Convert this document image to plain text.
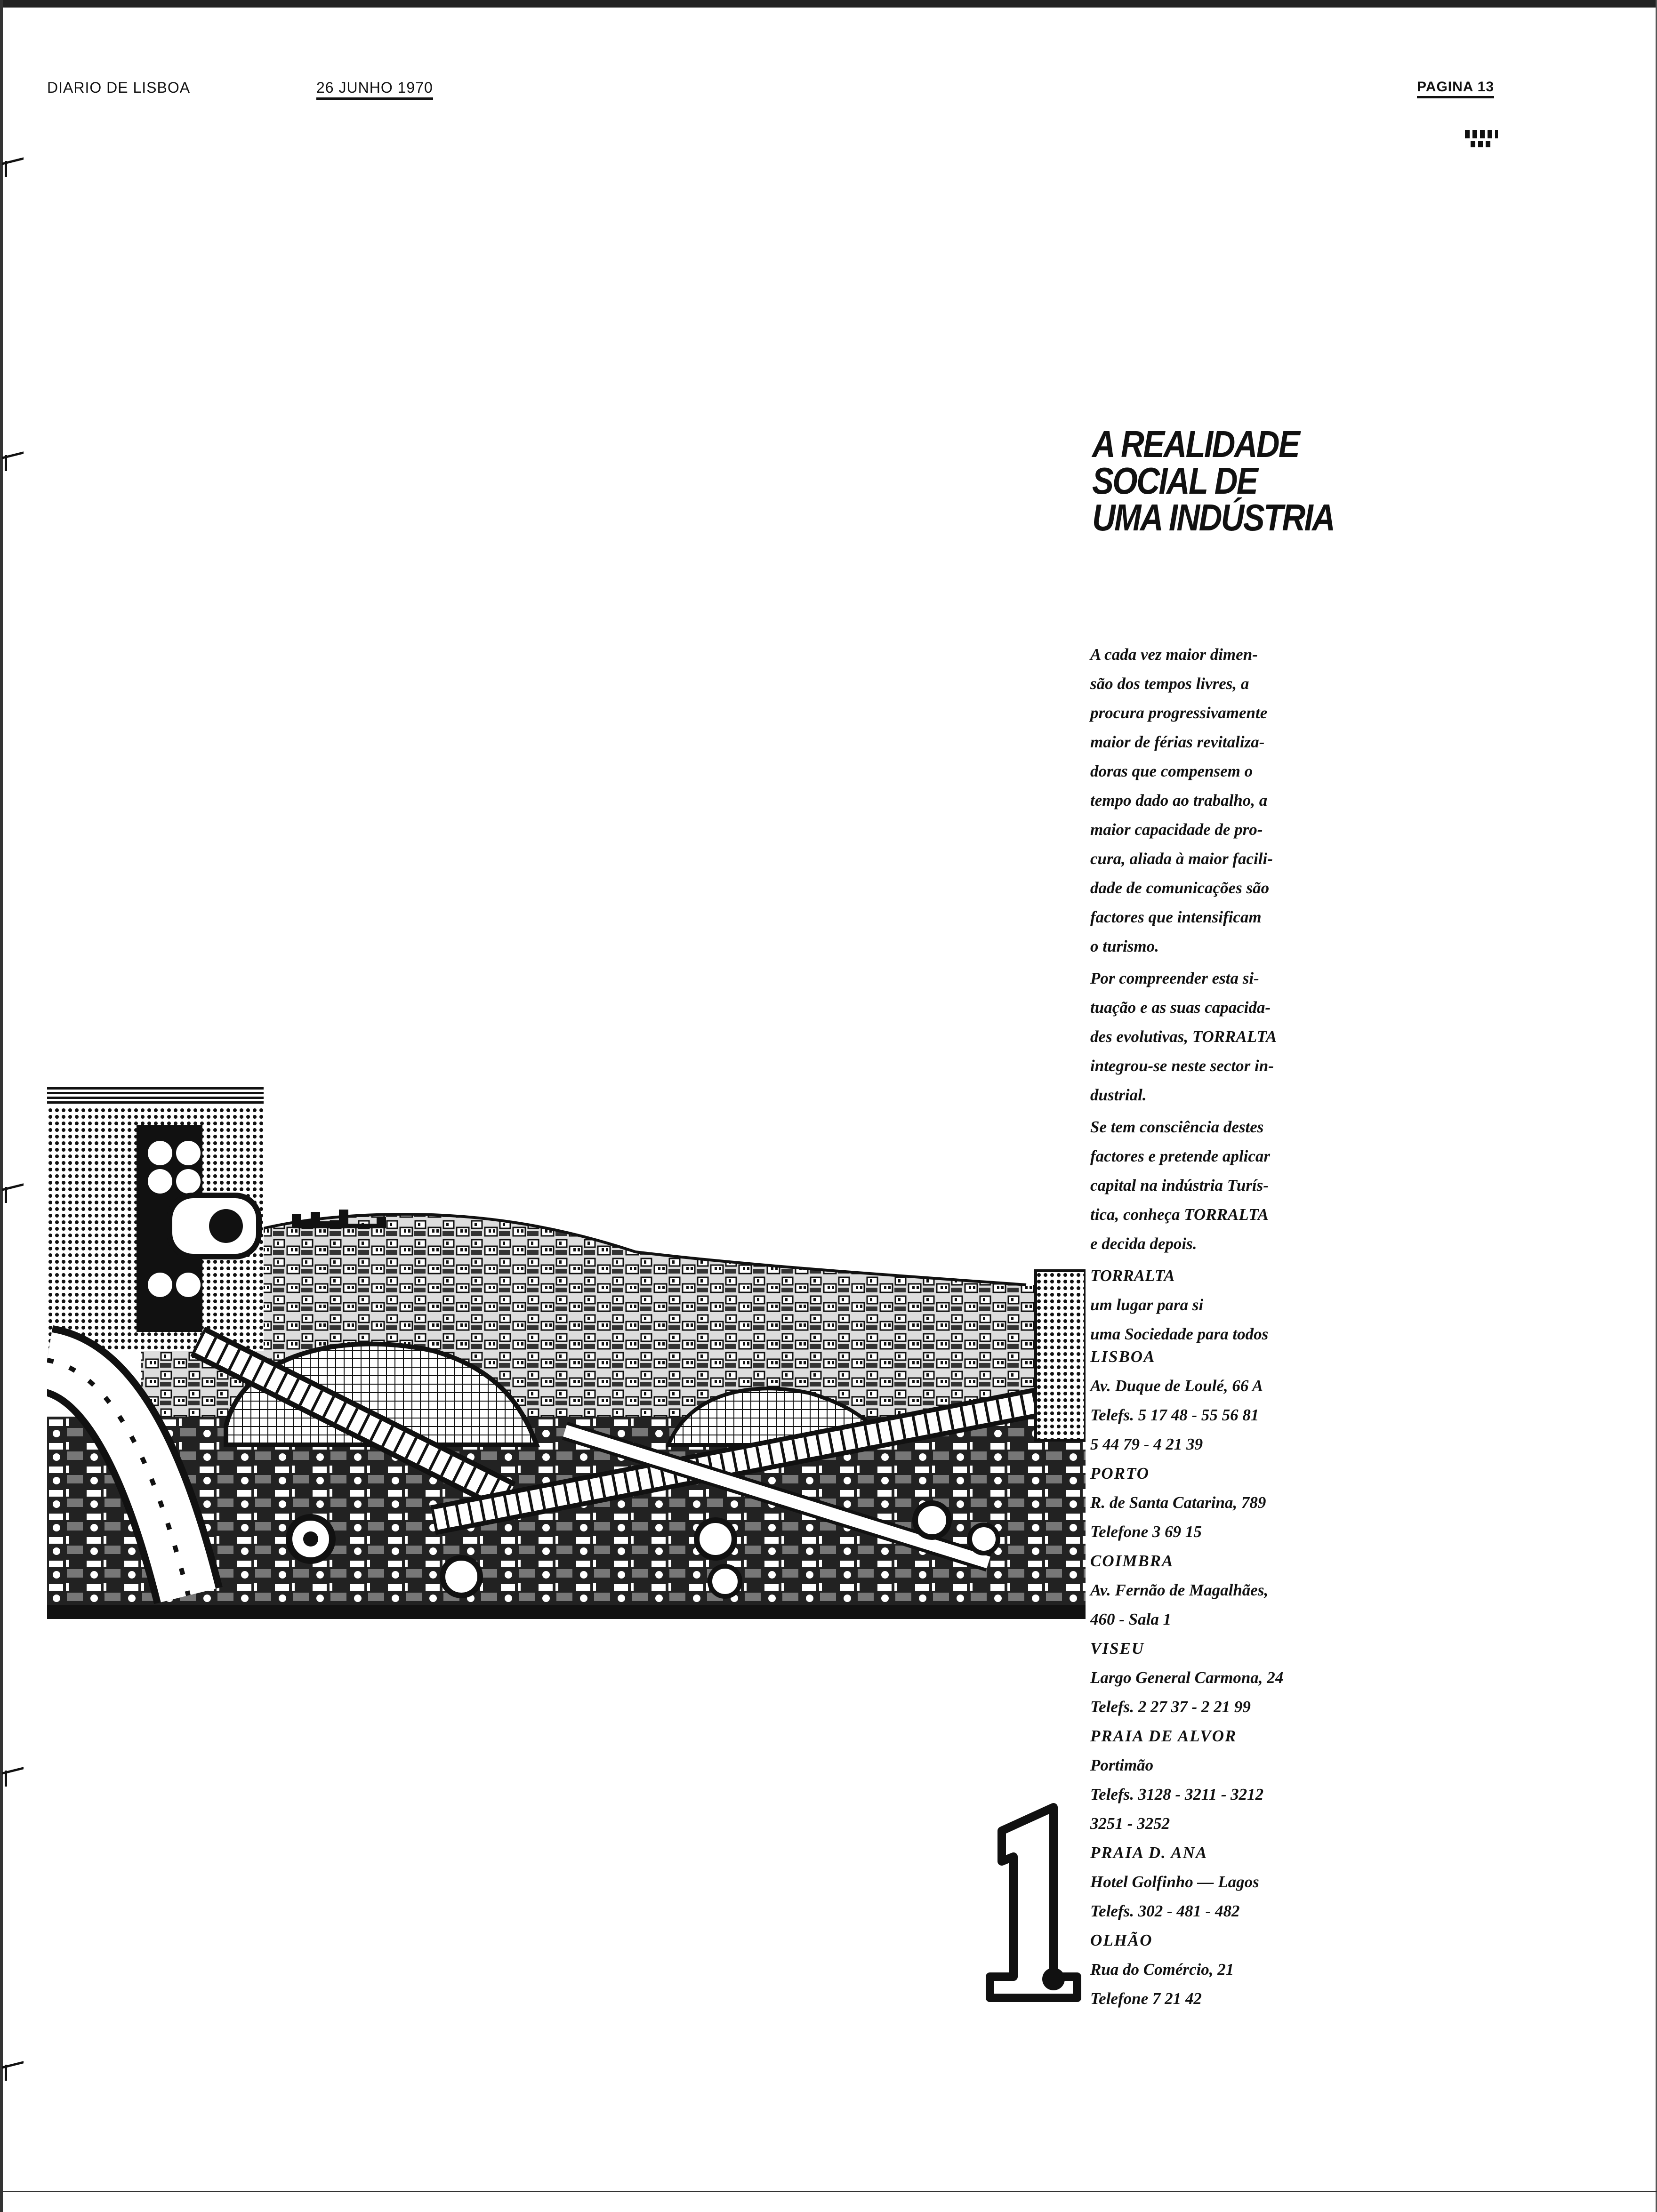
DIARIO DE LISBOA	26 JUNHO 1970	PAGINA 13
A REALIDADE
SOCIAL DE
UMA INDÚSTRIA
A cada vez maior dimen-
são dos tempos livres, a
procura progressivamente
maior de férias revitaliza-
doras que compensem o
tempo dado ao trabalho, a
maior capacidade de pro-
cura, aliada à maior facili-
dade de comunicações são
factores que intensificam
o turismo.
Por compreender esta si-
tuação e as suas capacida-
des evolutivas, TORRALTA
integrou-se neste sector in-
dustrial.
Se tem consciência destes
factores e pretende aplicar
capital na indústria Turís-
tica, conheça TORRALTA
e decida depois.
TORRALTA
um lugar para si
uma Sociedade para todos
LISBOA
Av. Duque de Loulé, 66 A
Telefs. 5 17 48 - 55 56 81
5 44 79 - 4 21 39
PORTO
R. de Santa Catarina, 789
Telefone 3 69 15
COIMBRA
Av. Fernão de Magalhães,
460 - Sala 1
VISEU
Largo General Carmona, 24
Telefs. 2 27 37 - 2 21 99
PRAIA DE ALVOR
Portimão
Telefs. 3128 - 3211 - 3212
3251 - 3252
PRAIA D. ANA
Hotel Golfinho — Lagos
Telefs. 302 - 481 - 482
OLHÃO
Rua do Comércio, 21
Telefone 7 21 42
